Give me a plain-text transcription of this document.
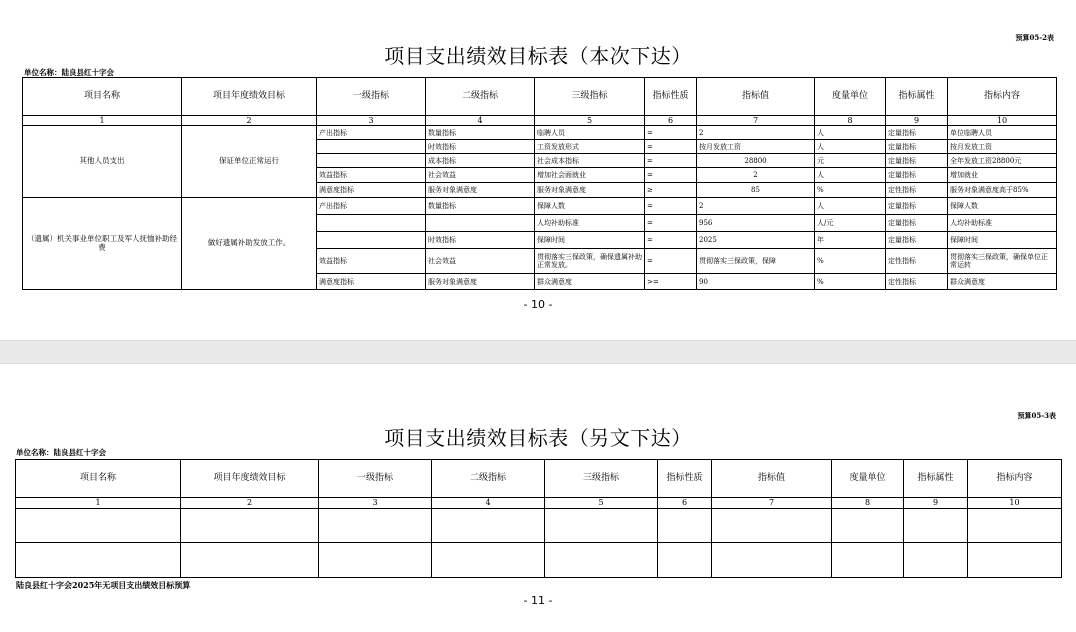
预算05-2表
项目支出绩效目标表（本次下达）
单位名称：陆良县红十字会
项目名称	项目年度绩效目标	一级指标	二级指标	三级指标	指标性质	指标值	度量单位	指标属性	指标内容
1	2	3	4	5	6	7	8	9	10
其他人员支出	保证单位正常运行	产出指标	数量指标	临聘人员	=	2	人	定量指标	单位临聘人员
			时效指标	工资发放形式	=	按月发放工资	人	定量指标	按月发放工资
			成本指标	社会成本指标	=	28800	元	定量指标	全年发放工资28800元
		效益指标	社会效益	增加社会面就业	=	2	人	定量指标	增加就业
		满意度指标	服务对象满意度	服务对象满意度	≥	85	%	定性指标	服务对象满意度高于85%
（遗属）机关事业单位职工及军人抚恤补助经费	做好遗属补助发放工作。	产出指标	数量指标	保障人数	=	2	人	定量指标	保障人数
				人均补助标准	=	956	人/元	定量指标	人均补助标准
			时效指标	保障时间	=	2025	年	定量指标	保障时间
		效益指标	社会效益	贯彻落实三保政策，确保遗属补助正常发放。	=	贯彻落实三保政策，保障	%	定性指标	贯彻落实三保政策，确保单位正常运转
		满意度指标	服务对象满意度	群众满意度	>=	90	%	定性指标	群众满意度
- 10 -
预算05-3表
项目支出绩效目标表（另文下达）
单位名称：陆良县红十字会
项目名称	项目年度绩效目标	一级指标	二级指标	三级指标	指标性质	指标值	度量单位	指标属性	指标内容
1	2	3	4	5	6	7	8	9	10

陆良县红十字会2025年无项目支出绩效目标预算
- 11 -
